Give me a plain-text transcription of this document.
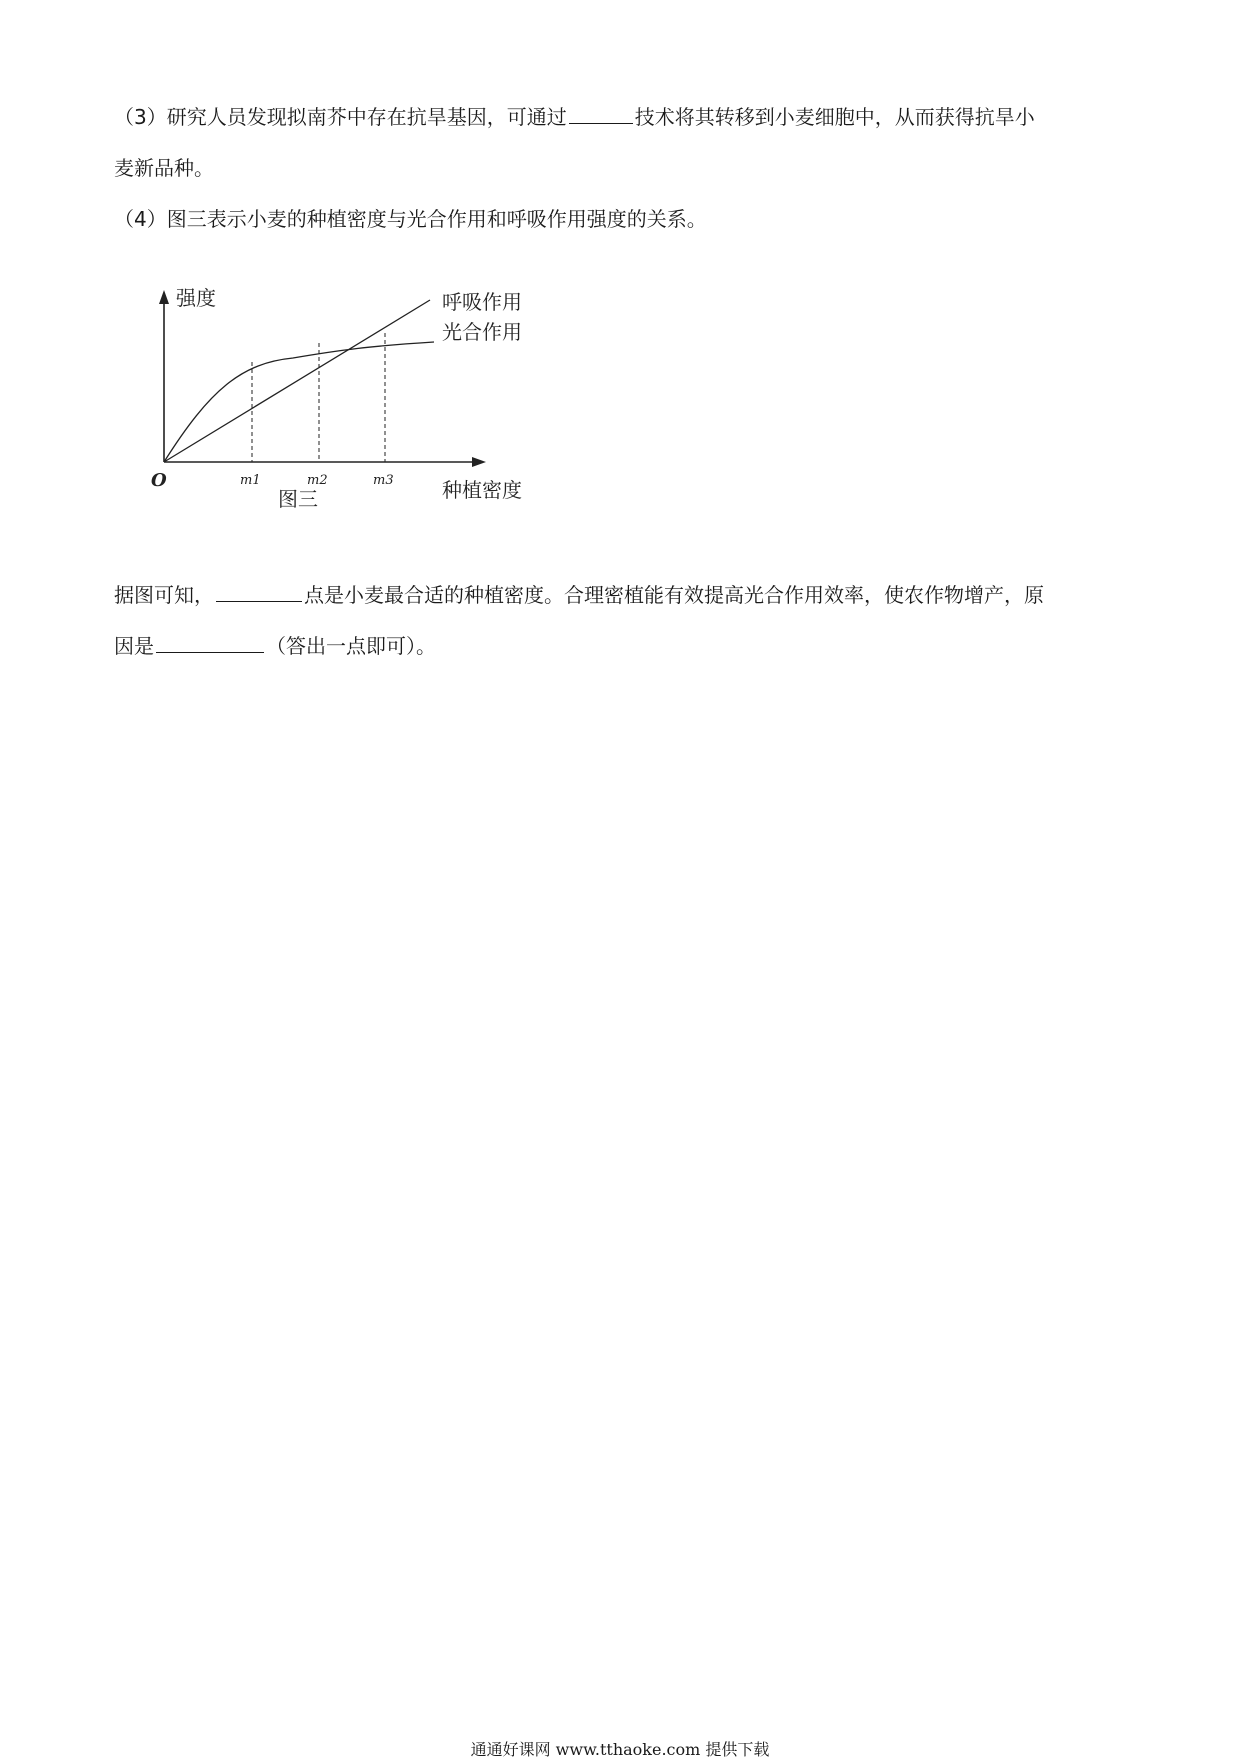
（3）研究人员发现拟南芥中存在抗旱基因，可通过	技术将其转移到小麦细胞中，从而获得抗旱小
麦新品种。
（4）图三表示小麦的种植密度与光合作用和呼吸作用强度的关系。
强度	呼吸作用
光合作用
O	m1	m2	m3
图三	种植密度
据图可知，	点是小麦最合适的种植密度。合理密植能有效提高光合作用效率，使农作物增产，原
因是	（答出一点即可）。
通通好课网 www.tthaoke.com 提供下载
